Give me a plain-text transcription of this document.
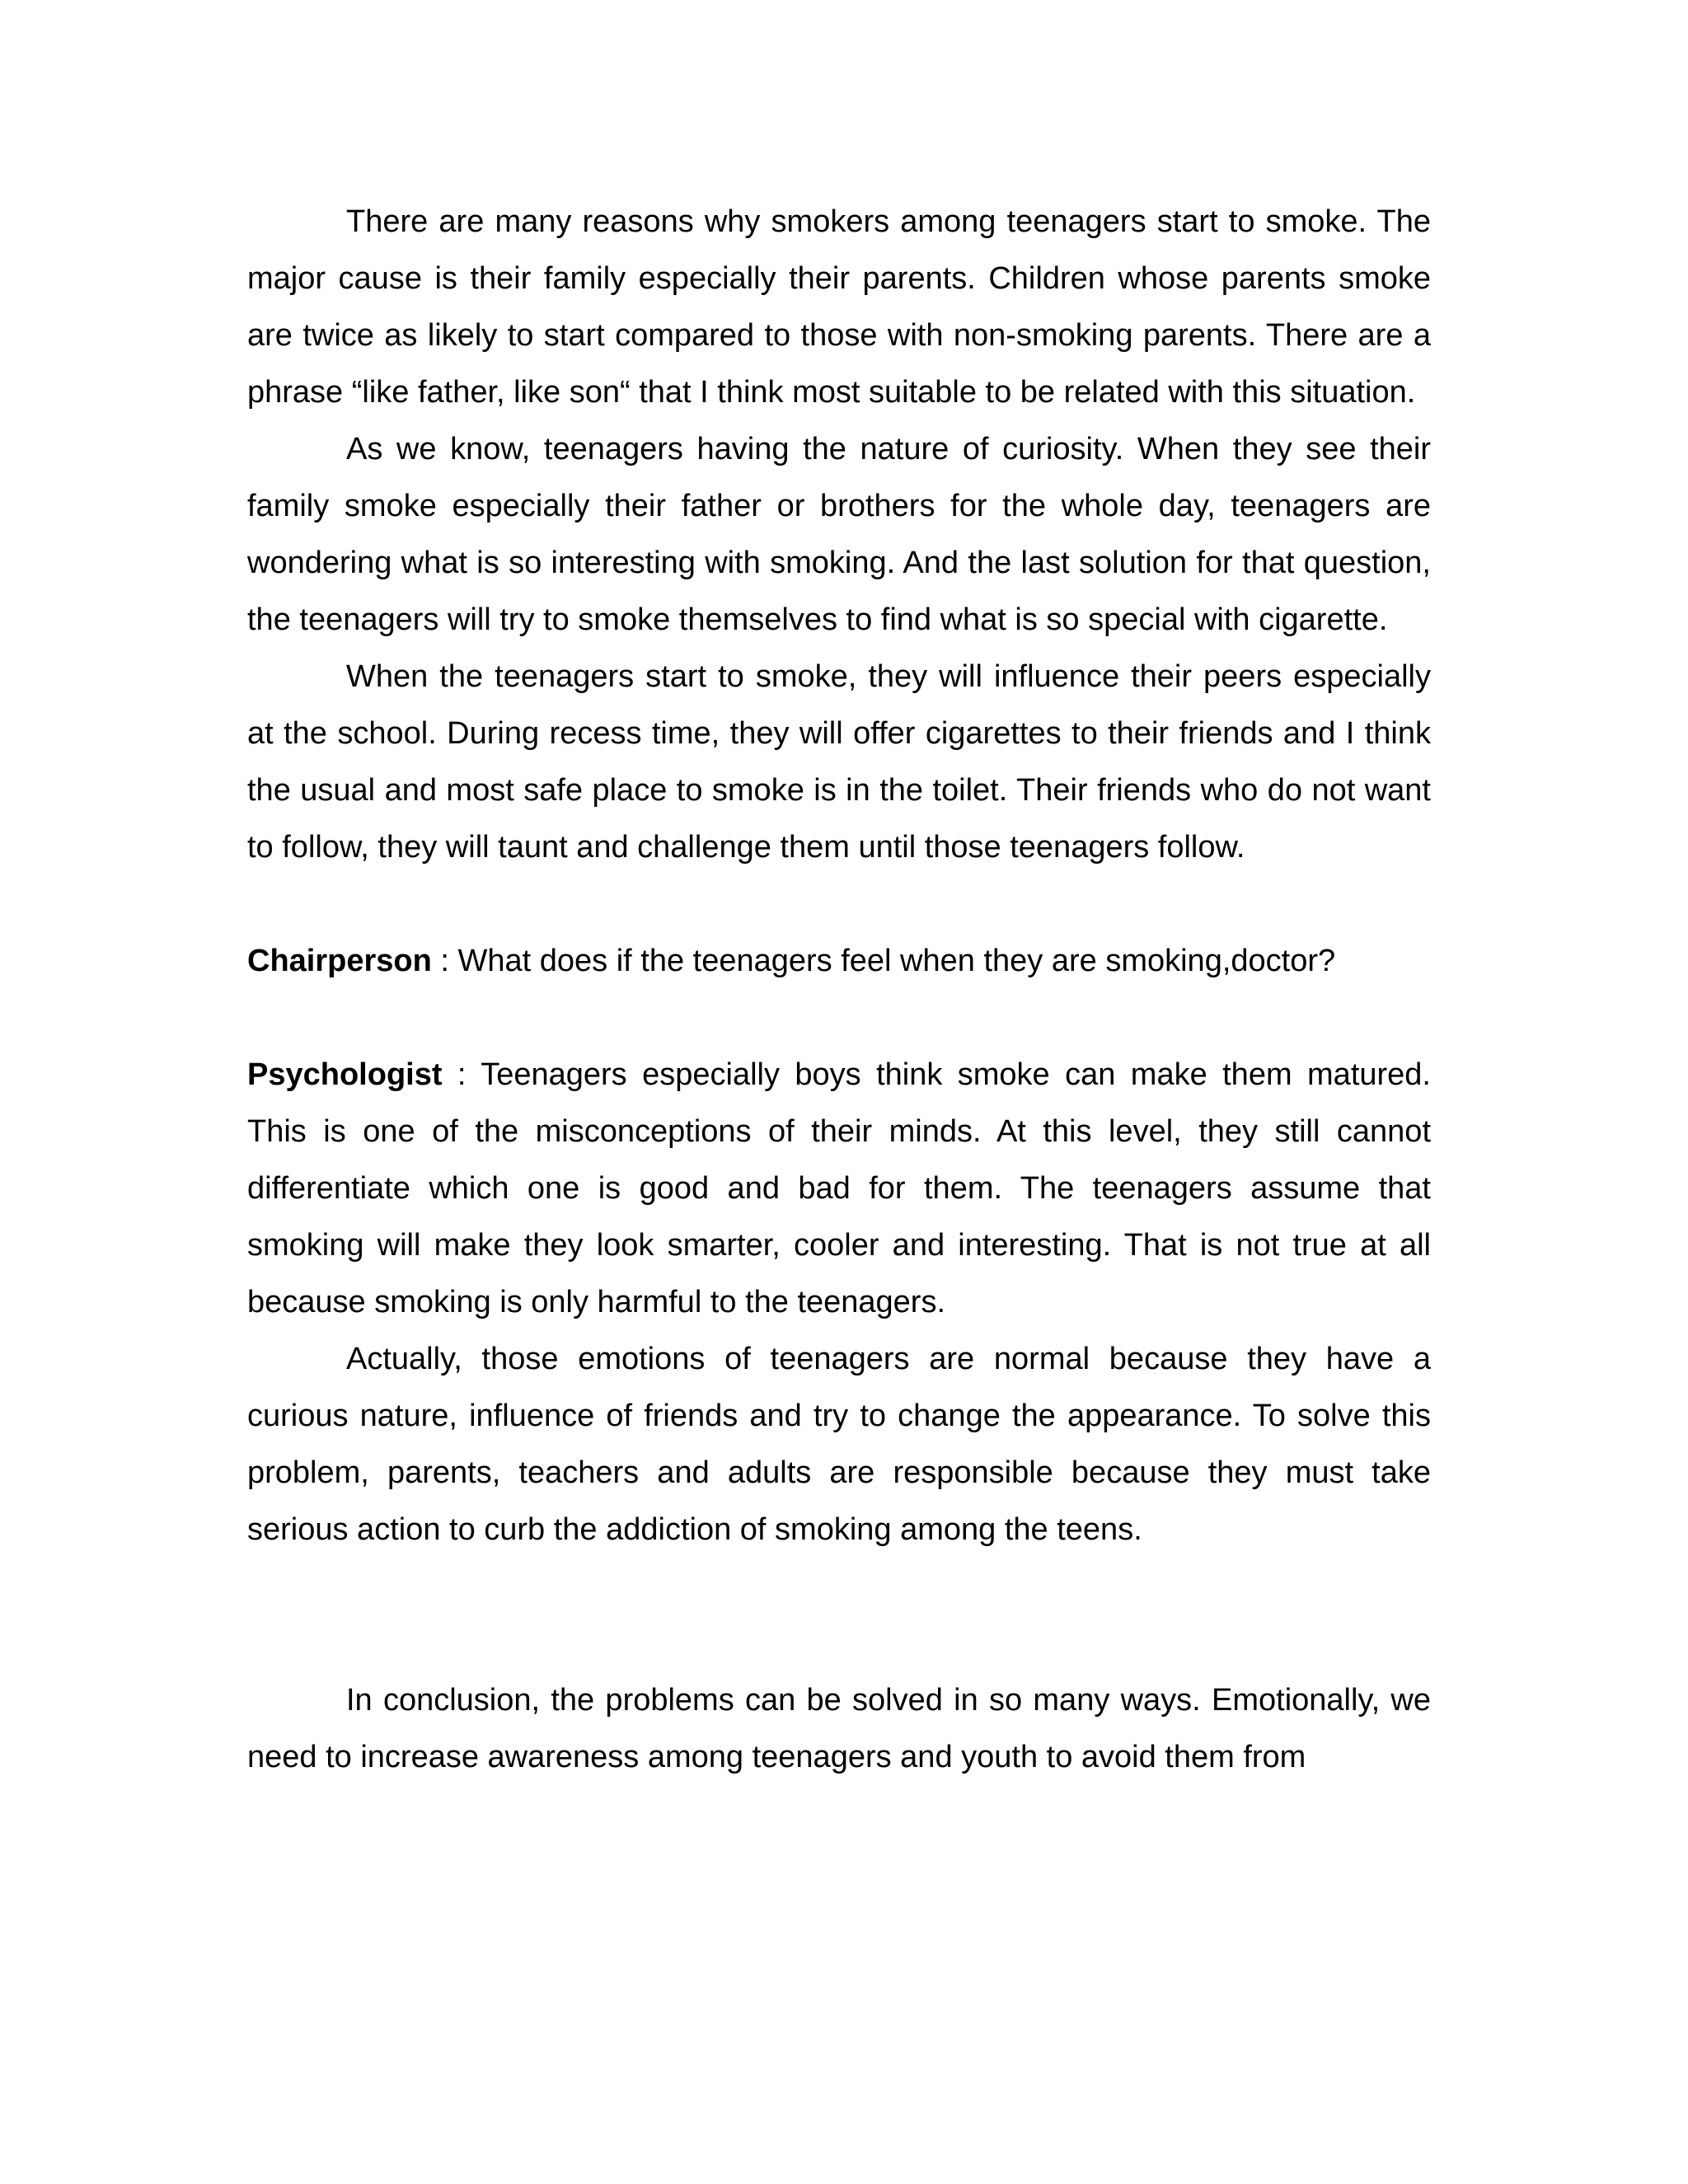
There are many reasons why smokers among teenagers start to smoke. The major cause is their family especially their parents. Children whose parents smoke are twice as likely to start compared to those with non-smoking parents. There are a phrase “like father, like son“ that I think most suitable to be related with this situation.

As we know, teenagers having the nature of curiosity. When they see their family smoke especially their father or brothers for the whole day, teenagers are wondering what is so interesting with smoking. And the last solution for that question, the teenagers will try to smoke themselves to find what is so special with cigarette.

When the teenagers start to smoke, they will influence their peers especially at the school. During recess time, they will offer cigarettes to their friends and I think the usual and most safe place to smoke is in the toilet. Their friends who do not want to follow, they will taunt and challenge them until those teenagers follow.

Chairperson : What does if the teenagers feel when they are smoking,doctor?

Psychologist : Teenagers especially boys think smoke can make them matured. This is one of the misconceptions of their minds. At this level, they still cannot differentiate which one is good and bad for them. The teenagers assume that smoking will make they look smarter, cooler and interesting. That is not true at all because smoking is only harmful to the teenagers.

Actually, those emotions of teenagers are normal because they have a curious nature, influence of friends and try to change the appearance. To solve this problem, parents, teachers and adults are responsible because they must take serious action to curb the addiction of smoking among the teens.

In conclusion, the problems can be solved in so many ways. Emotionally, we need to increase awareness among teenagers and youth to avoid them from
